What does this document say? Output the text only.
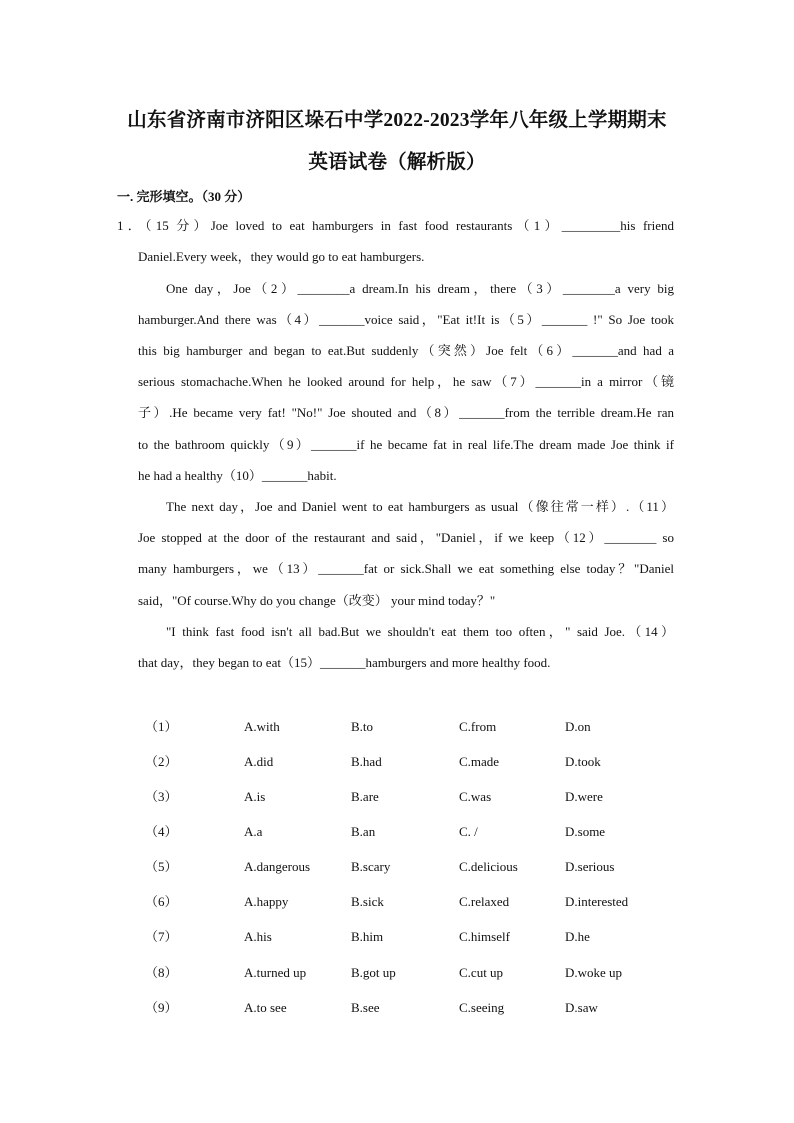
山东省济南市济阳区垛石中学2022-2023学年八年级上学期期末
英语试卷（解析版）
一. 完形填空。（30 分）
1．（15 分）Joe loved to eat hamburgers in fast food restaurants（1）_________his friend
Daniel.Every week，they would go to eat hamburgers.
One day，Joe（2）________a dream.In his dream，there（3）________a very big
hamburger.And there was（4）_______voice said，"Eat it!It is（5）_______ !" So Joe took
this big hamburger and began to eat.But suddenly（突然）Joe felt（6）_______and had a
serious stomachache.When he looked around for help，he saw（7）_______in a mirror（镜
子）.He became very fat! "No!" Joe shouted and（8）_______from the terrible dream.He ran
to the bathroom quickly（9）_______if he became fat in real life.The dream made Joe think if
he had a healthy（10）_______habit.
The next day，Joe and Daniel went to eat hamburgers as usual（像往常一样）.（11）
Joe stopped at the door of the restaurant and said，"Daniel，if we keep（12）________ so
many hamburgers，we（13）_______fat or sick.Shall we eat something else today？"Daniel
said，"Of course.Why do you change（改变） your mind today？"
"I think fast food isn't all bad.But we shouldn't eat them too often，" said Joe.（14）
that day，they began to eat（15）_______hamburgers and more healthy food.
（1）	A.with	B.to	C.from	D.on
（2）	A.did	B.had	C.made	D.took
（3）	A.is	B.are	C.was	D.were
（4）	A.a	B.an	C. /	D.some
（5）	A.dangerous	B.scary	C.delicious	D.serious
（6）	A.happy	B.sick	C.relaxed	D.interested
（7）	A.his	B.him	C.himself	D.he
（8）	A.turned up	B.got up	C.cut up	D.woke up
（9）	A.to see	B.see	C.seeing	D.saw
